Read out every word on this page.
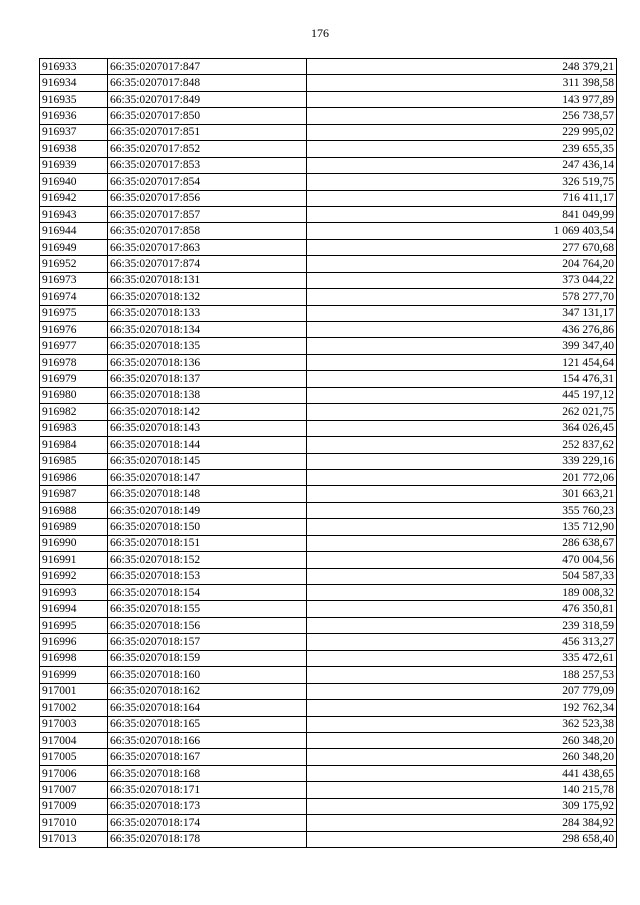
176
916933	66:35:0207017:847	248 379,21
916934	66:35:0207017:848	311 398,58
916935	66:35:0207017:849	143 977,89
916936	66:35:0207017:850	256 738,57
916937	66:35:0207017:851	229 995,02
916938	66:35:0207017:852	239 655,35
916939	66:35:0207017:853	247 436,14
916940	66:35:0207017:854	326 519,75
916942	66:35:0207017:856	716 411,17
916943	66:35:0207017:857	841 049,99
916944	66:35:0207017:858	1 069 403,54
916949	66:35:0207017:863	277 670,68
916952	66:35:0207017:874	204 764,20
916973	66:35:0207018:131	373 044,22
916974	66:35:0207018:132	578 277,70
916975	66:35:0207018:133	347 131,17
916976	66:35:0207018:134	436 276,86
916977	66:35:0207018:135	399 347,40
916978	66:35:0207018:136	121 454,64
916979	66:35:0207018:137	154 476,31
916980	66:35:0207018:138	445 197,12
916982	66:35:0207018:142	262 021,75
916983	66:35:0207018:143	364 026,45
916984	66:35:0207018:144	252 837,62
916985	66:35:0207018:145	339 229,16
916986	66:35:0207018:147	201 772,06
916987	66:35:0207018:148	301 663,21
916988	66:35:0207018:149	355 760,23
916989	66:35:0207018:150	135 712,90
916990	66:35:0207018:151	286 638,67
916991	66:35:0207018:152	470 004,56
916992	66:35:0207018:153	504 587,33
916993	66:35:0207018:154	189 008,32
916994	66:35:0207018:155	476 350,81
916995	66:35:0207018:156	239 318,59
916996	66:35:0207018:157	456 313,27
916998	66:35:0207018:159	335 472,61
916999	66:35:0207018:160	188 257,53
917001	66:35:0207018:162	207 779,09
917002	66:35:0207018:164	192 762,34
917003	66:35:0207018:165	362 523,38
917004	66:35:0207018:166	260 348,20
917005	66:35:0207018:167	260 348,20
917006	66:35:0207018:168	441 438,65
917007	66:35:0207018:171	140 215,78
917009	66:35:0207018:173	309 175,92
917010	66:35:0207018:174	284 384,92
917013	66:35:0207018:178	298 658,40
